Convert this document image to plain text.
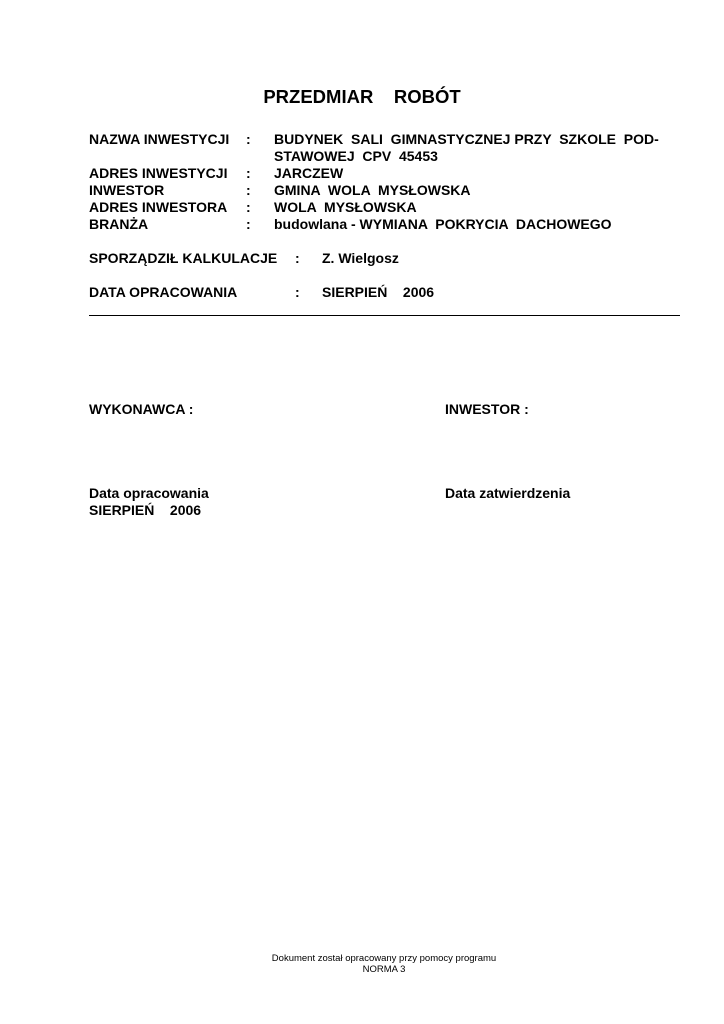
PRZEDMIAR    ROBÓT
NAZWA INWESTYCJI : BUDYNEK  SALI  GIMNASTYCZNEJ PRZY  SZKOLE  POD-
STAWOWEJ  CPV  45453
ADRES INWESTYCJI : JARCZEW
INWESTOR	: GMINA  WOLA  MYSŁOWSKA
ADRES INWESTORA : WOLA  MYSŁOWSKA
BRANŻA	: budowlana - WYMIANA  POKRYCIA  DACHOWEGO
SPORZĄDZIŁ KALKULACJE : Z. Wielgosz
DATA OPRACOWANIA	: SIERPIEŃ    2006
WYKONAWCA :	INWESTOR :
Data opracowania
SIERPIEŃ    2006
Data zatwierdzenia
Dokument został opracowany przy pomocy programu
NORMA 3
